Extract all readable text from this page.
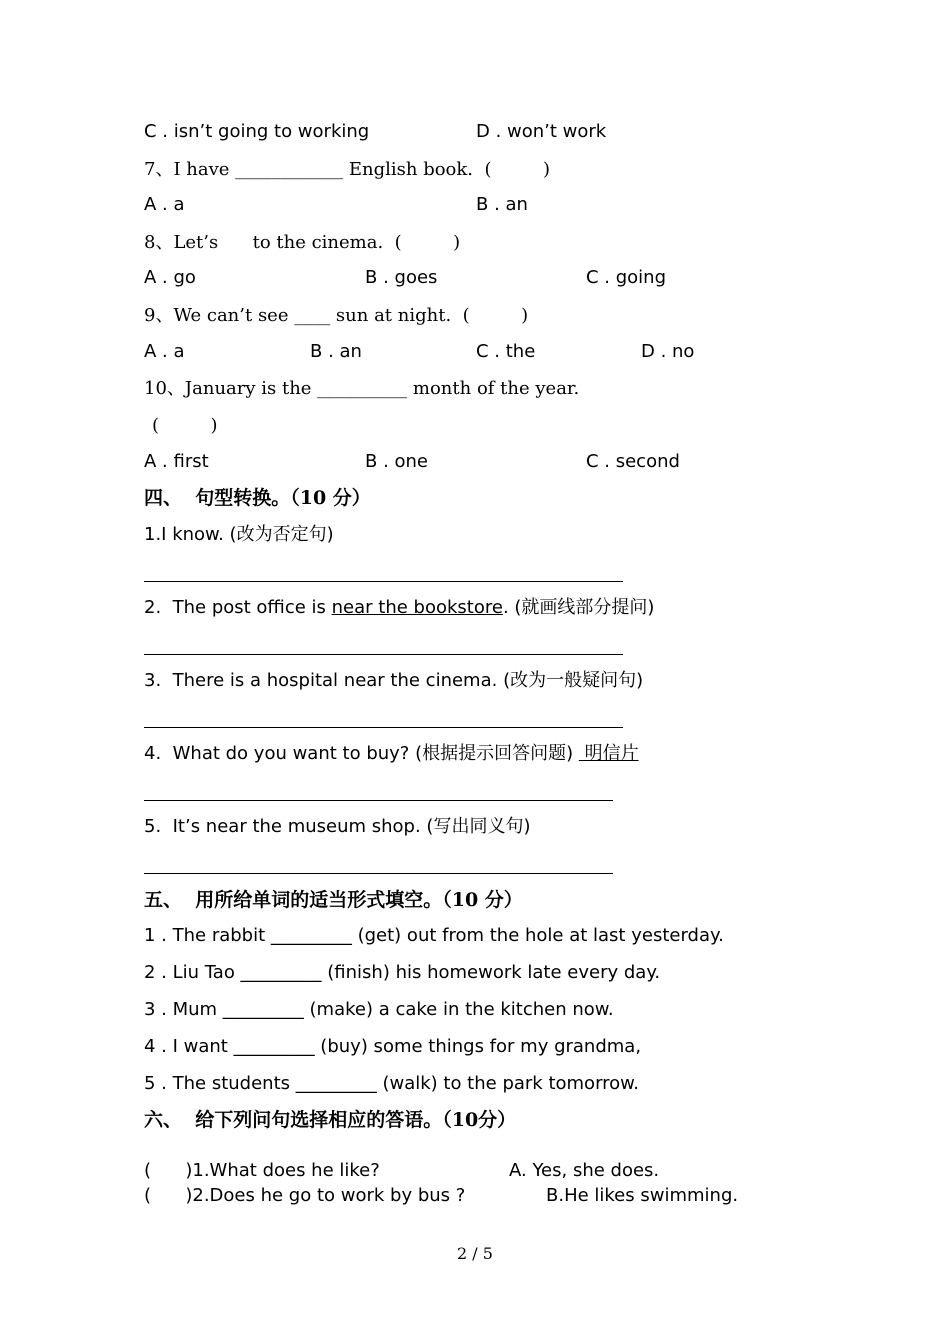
C . isn’t going to working	D . won’t work
7、I have ____________ English book.  (         )
A . a	B . an
8、Let’s      to the cinema.  (         )
A . go	B . goes	C . going
9、We can’t see ____ sun at night.  (         )
A . a	B . an	C . the	D . no
10、January is the __________ month of the year.
(         )
A . first	B . one	C . second
四、  句型转换。（10 分）
1.I know. (改为否定句)
2.  The post office is near the bookstore. (就画线部分提问)
3.  There is a hospital near the cinema. (改为一般疑问句)
4.  What do you want to buy? (根据提示回答问题)  明信片
5.  It’s near the museum shop. (写出同义句)
五、  用所给单词的适当形式填空。（10 分）
1 . The rabbit _________ (get) out from the hole at last yesterday.
2 . Liu Tao _________ (finish) his homework late every day.
3 . Mum _________ (make) a cake in the kitchen now.
4 . I want _________ (buy) some things for my grandma,
5 . The students _________ (walk) to the park tomorrow.
六、  给下列问句选择相应的答语。（10分）
(      )1.What does he like?	A. Yes, she does.
(      )2.Does he go to work by bus ?	B.He likes swimming.
2 / 5
